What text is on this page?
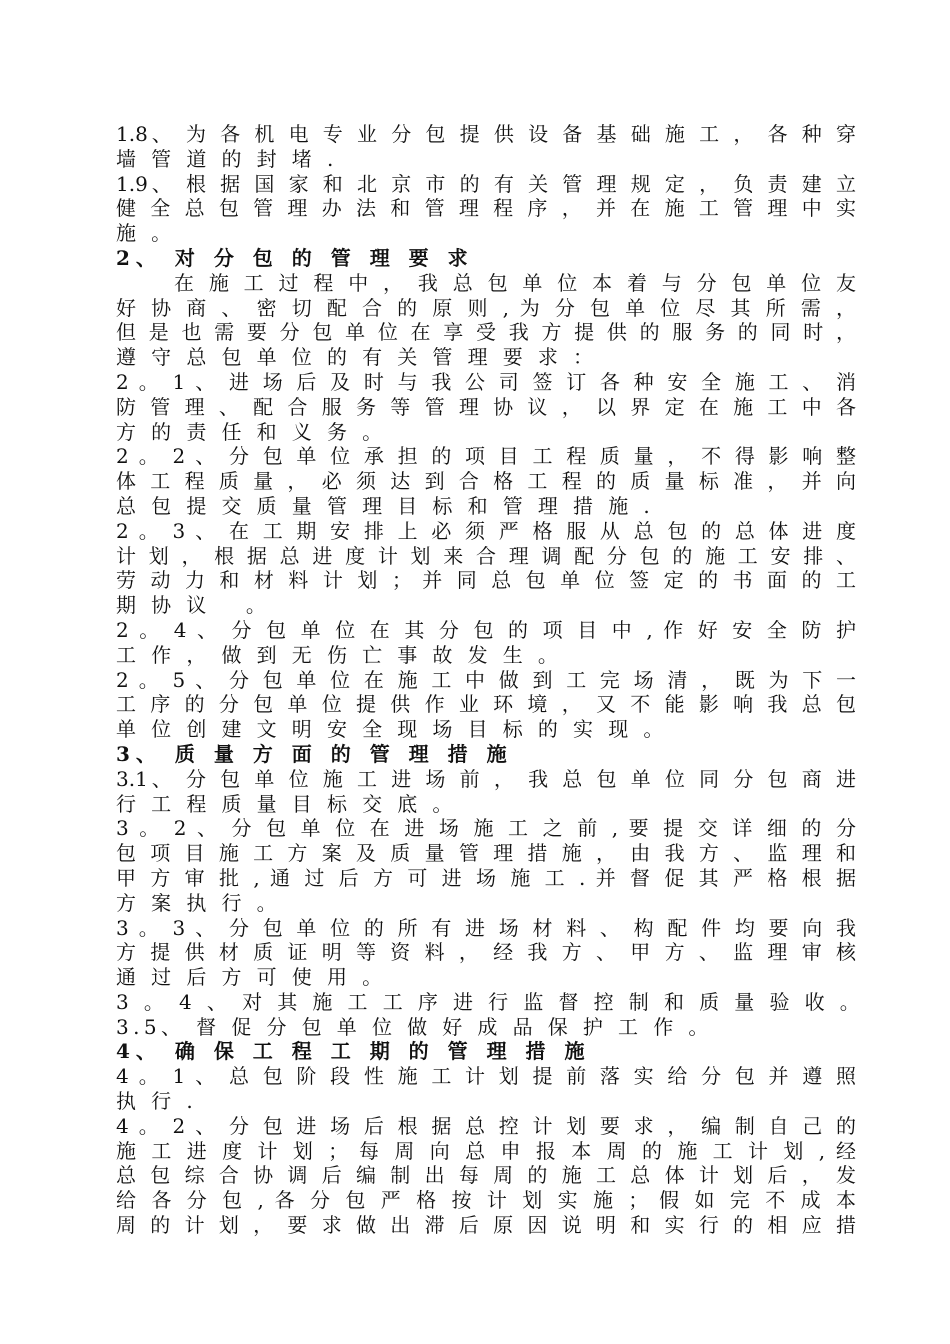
1.8、 为 各 机 电 专 业 分 包 提 供 设 备 基 础 施 工 ， 各 种 穿
墙 管 道 的 封 堵 .
1.9、 根 据 国 家 和 北 京 市 的 有 关 管 理 规 定 ， 负 责 建 立
健 全 总 包 管 理 办 法 和 管 理 程 序 ， 并 在 施 工 管 理 中 实
施 。
2、 对 分 包 的 管 理 要 求
在 施 工 过 程 中 ， 我 总 包 单 位 本 着 与 分 包 单 位 友
好 协 商 、 密 切 配 合 的 原 则 , 为 分 包 单 位 尽 其 所 需 ，
但 是 也 需 要 分 包 单 位 在 享 受 我 方 提 供 的 服 务 的 同 时 ，
遵 守 总 包 单 位 的 有 关 管 理 要 求 ：
2 。 1 、 进 场 后 及 时 与 我 公 司 签 订 各 种 安 全 施 工 、 消
防 管 理 、 配 合 服 务 等 管 理 协 议 ， 以 界 定 在 施 工 中 各
方 的 责 任 和 义 务 。
2 。 2 、 分 包 单 位 承 担 的 项 目 工 程 质 量 ， 不 得 影 响 整
体 工 程 质 量 ， 必 须 达 到 合 格 工 程 的 质 量 标 准 ， 并 向
总 包 提 交 质 量 管 理 目 标 和 管 理 措 施 .
2 。 3 、 在 工 期 安 排 上 必 须 严 格 服 从 总 包 的 总 体 进 度
计 划 ， 根 据 总 进 度 计 划 来 合 理 调 配 分 包 的 施 工 安 排 、
劳 动 力 和 材 料 计 划 ； 并 同 总 包 单 位 签 定 的 书 面 的 工
期 协 议 　。
2 。 4 、 分 包 单 位 在 其 分 包 的 项 目 中 , 作 好 安 全 防 护
工 作 ， 做 到 无 伤 亡 事 故 发 生 。
2 。 5 、 分 包 单 位 在 施 工 中 做 到 工 完 场 清 ， 既 为 下 一
工 序 的 分 包 单 位 提 供 作 业 环 境 ， 又 不 能 影 响 我 总 包
单 位 创 建 文 明 安 全 现 场 目 标 的 实 现 。
3、 质 量 方 面 的 管 理 措 施
3.1、 分 包 单 位 施 工 进 场 前 ， 我 总 包 单 位 同 分 包 商 进
行 工 程 质 量 目 标 交 底 。
3 。 2 、 分 包 单 位 在 进 场 施 工 之 前 , 要 提 交 详 细 的 分
包 项 目 施 工 方 案 及 质 量 管 理 措 施 ， 由 我 方 、 监 理 和
甲 方 审 批 , 通 过 后 方 可 进 场 施 工 . 并 督 促 其 严 格 根 据
方 案 执 行 。
3 。 3 、 分 包 单 位 的 所 有 进 场 材 料 、 构 配 件 均 要 向 我
方 提 供 材 质 证 明 等 资 料 ， 经 我 方 、 甲 方 、 监 理 审 核
通 过 后 方 可 使 用 。
3 。 4 、 对 其 施 工 工 序 进 行 监 督 控 制 和 质 量 验 收 。
3.5、 督 促 分 包 单 位 做 好 成 品 保 护 工 作 。
4、 确 保 工 程 工 期 的 管 理 措 施
4 。 1 、 总 包 阶 段 性 施 工 计 划 提 前 落 实 给 分 包 并 遵 照
执 行 .
4 。 2 、 分 包 进 场 后 根 据 总 控 计 划 要 求 ， 编 制 自 己 的
施 工 进 度 计 划 ； 每 周 向 总 申 报 本 周 的 施 工 计 划 , 经
总 包 综 合 协 调 后 编 制 出 每 周 的 施 工 总 体 计 划 后 ， 发
给 各 分 包 , 各 分 包 严 格 按 计 划 实 施 ； 假 如 完 不 成 本
周 的 计 划 ， 要 求 做 出 滞 后 原 因 说 明 和 实 行 的 相 应 措
